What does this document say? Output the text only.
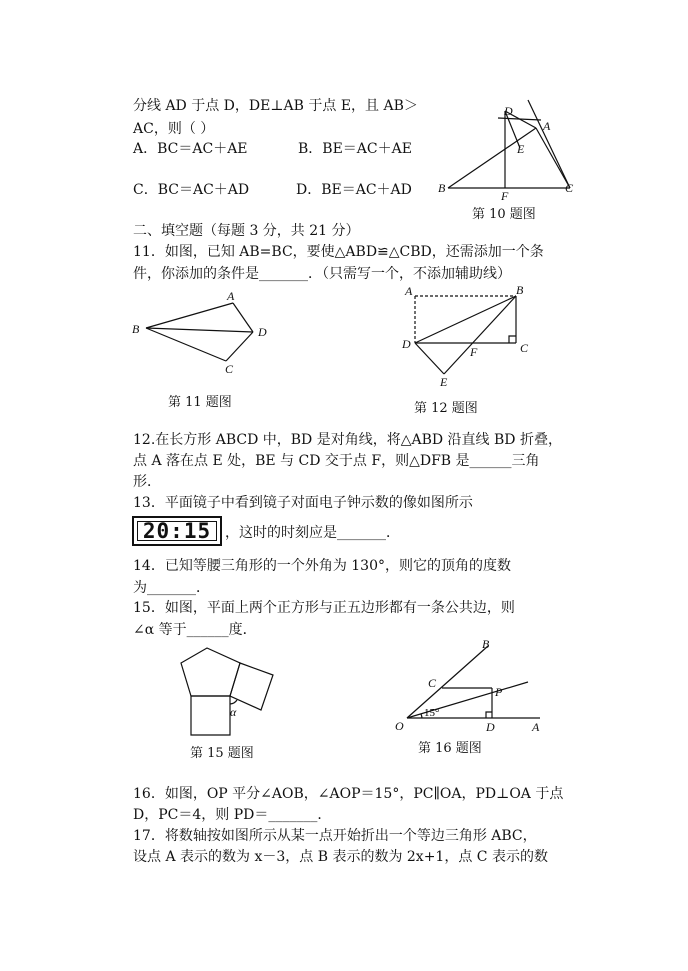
分线 AD 于点 D，DE⊥AB 于点 E，且 AB＞
AC，则（ ）
A．BC＝AC＋AE	B．BE＝AC＋AE
C．BC＝AC＋AD	D．BE＝AC＋AD
D
A
E
B
F
C
第 10 题图
二、填空题（每题 3 分，共 21 分）
11．如图，已知 AB=BC，要使△ABD≌△CBD，还需添加一个条
件，你添加的条件是_______．（只需写一个，不添加辅助线）
A
B	D
C
第 11 题图
A	B
D
F	C
E
第 12 题图
12.在长方形 ABCD 中，BD 是对角线，将△ABD 沿直线 BD 折叠，
点 A 落在点 E 处，BE 与 CD 交于点 F，则△DFB 是______三角
形．
13．平面镜子中看到镜子对面电子钟示数的像如图所示
20:15 ，这时的时刻应是_______．
14．已知等腰三角形的一个外角为 130°，则它的顶角的度数
为_______．
15．如图，平面上两个正方形与正五边形都有一条公共边，则
∠α 等于______度．
α
第 15 题图
B
C
P
O
15°
D	A
第 16 题图
16．如图，OP 平分∠AOB，∠AOP＝15°，PC∥OA，PD⊥OA 于点
D，PC＝4，则 PD＝_______．
17．将数轴按如图所示从某一点开始折出一个等边三角形 ABC，
设点 A 表示的数为 x－3，点 B 表示的数为 2x+1，点 C 表示的数
